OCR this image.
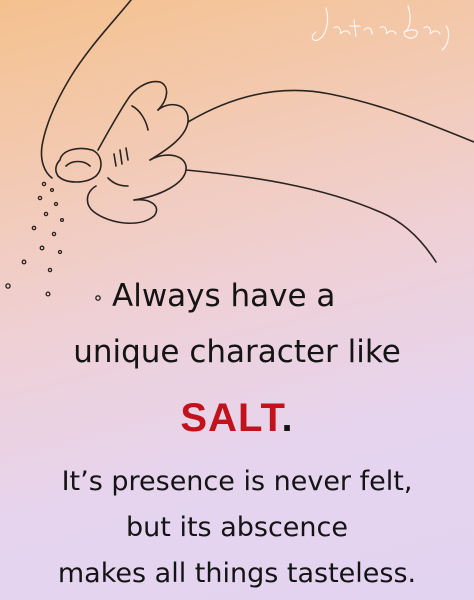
Always have a

unique character like

SALT.

It’s presence is never felt,

but its abscence

makes all things tasteless.
